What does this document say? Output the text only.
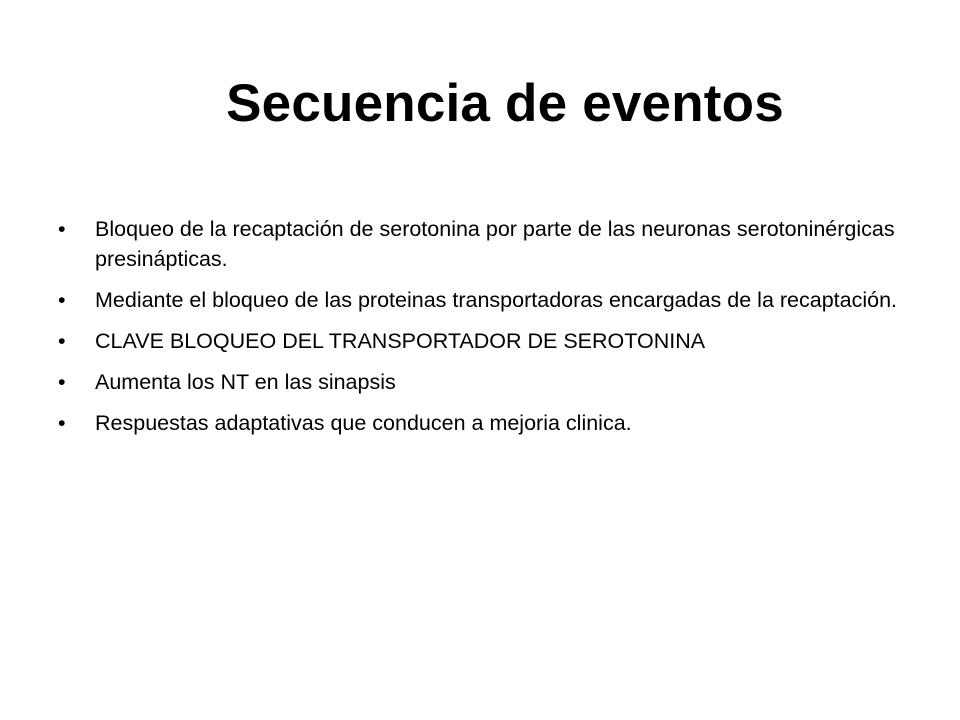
Secuencia de eventos
•	Bloqueo de la recaptación de serotonina por parte de las neuronas serotoninérgicas presinápticas.
•	Mediante el bloqueo de las proteinas transportadoras encargadas de la recaptación.
•	CLAVE BLOQUEO DEL TRANSPORTADOR DE SEROTONINA
•	Aumenta los NT en las sinapsis
•	Respuestas adaptativas que conducen a mejoria clinica.
